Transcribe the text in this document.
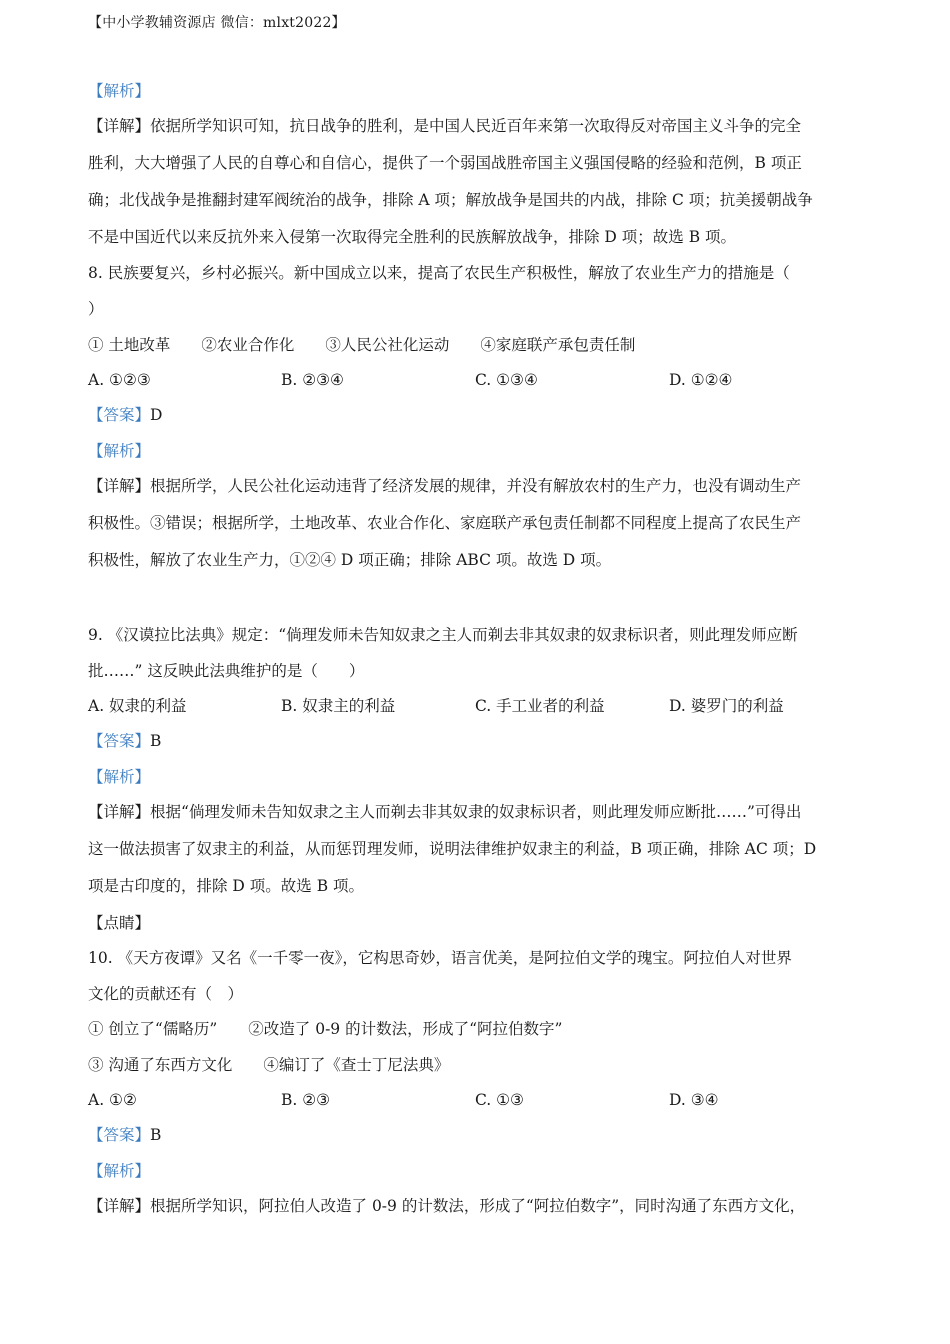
【中小学教辅资源店 微信：mlxt2022】
【解析】
【详解】依据所学知识可知，抗日战争的胜利，是中国人民近百年来第一次取得反对帝国主义斗争的完全
胜利，大大增强了人民的自尊心和自信心，提供了一个弱国战胜帝国主义强国侵略的经验和范例，B 项正
确；北伐战争是推翻封建军阀统治的战争，排除 A 项；解放战争是国共的内战，排除 C 项；抗美援朝战争
不是中国近代以来反抗外来入侵第一次取得完全胜利的民族解放战争，排除 D 项；故选 B 项。
8. 民族要复兴，乡村必振兴。新中国成立以来，提高了农民生产积极性，解放了农业生产力的措施是（
）
① 土地改革　　②农业合作化　　③人民公社化运动　　④家庭联产承包责任制
A. ①②③	B. ②③④	C. ①③④	D. ①②④
【答案】D
【解析】
【详解】根据所学，人民公社化运动违背了经济发展的规律，并没有解放农村的生产力，也没有调动生产
积极性。③错误；根据所学，土地改革、农业合作化、家庭联产承包责任制都不同程度上提高了农民生产
积极性，解放了农业生产力，①②④ D 项正确；排除 ABC 项。故选 D 项。
9. 《汉谟拉比法典》规定：“倘理发师未告知奴隶之主人而剃去非其奴隶的奴隶标识者，则此理发师应断
批……” 这反映此法典维护的是（　　）
A. 奴隶的利益	B. 奴隶主的利益	C. 手工业者的利益	D. 婆罗门的利益
【答案】B
【解析】
【详解】根据“倘理发师未告知奴隶之主人而剃去非其奴隶的奴隶标识者，则此理发师应断批……”可得出
这一做法损害了奴隶主的利益，从而惩罚理发师，说明法律维护奴隶主的利益，B 项正确，排除 AC 项；D
项是古印度的，排除 D 项。故选 B 项。
【点睛】
10. 《天方夜谭》又名《一千零一夜》，它构思奇妙，语言优美，是阿拉伯文学的瑰宝。阿拉伯人对世界
文化的贡献还有（　）
① 创立了“儒略历”　　②改造了 0-9 的计数法，形成了“阿拉伯数字”
③ 沟通了东西方文化　　④编订了《查士丁尼法典》
A. ①②	B. ②③	C. ①③	D. ③④
【答案】B
【解析】
【详解】根据所学知识，阿拉伯人改造了 0-9 的计数法，形成了“阿拉伯数字”，同时沟通了东西方文化，
